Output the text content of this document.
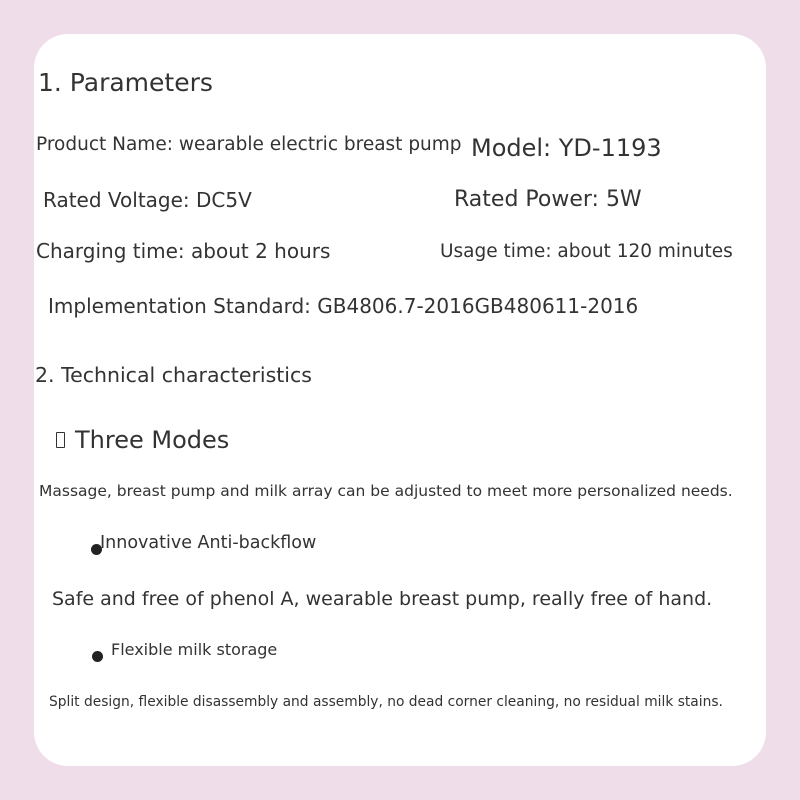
1. Parameters
Product Name: wearable electric breast pump Model: YD-1193
Rated Voltage: DC5V	Rated Power: 5W
Charging time: about 2 hours	Usage time: about 120 minutes
Implementation Standard: GB4806.7-2016GB480611-2016
2. Technical characteristics
Three Modes
Massage, breast pump and milk array can be adjusted to meet more personalized needs.
Innovative Anti-backflow
Safe and free of phenol A, wearable breast pump, really free of hand.
Flexible milk storage
Split design, flexible disassembly and assembly, no dead corner cleaning, no residual milk stains.
